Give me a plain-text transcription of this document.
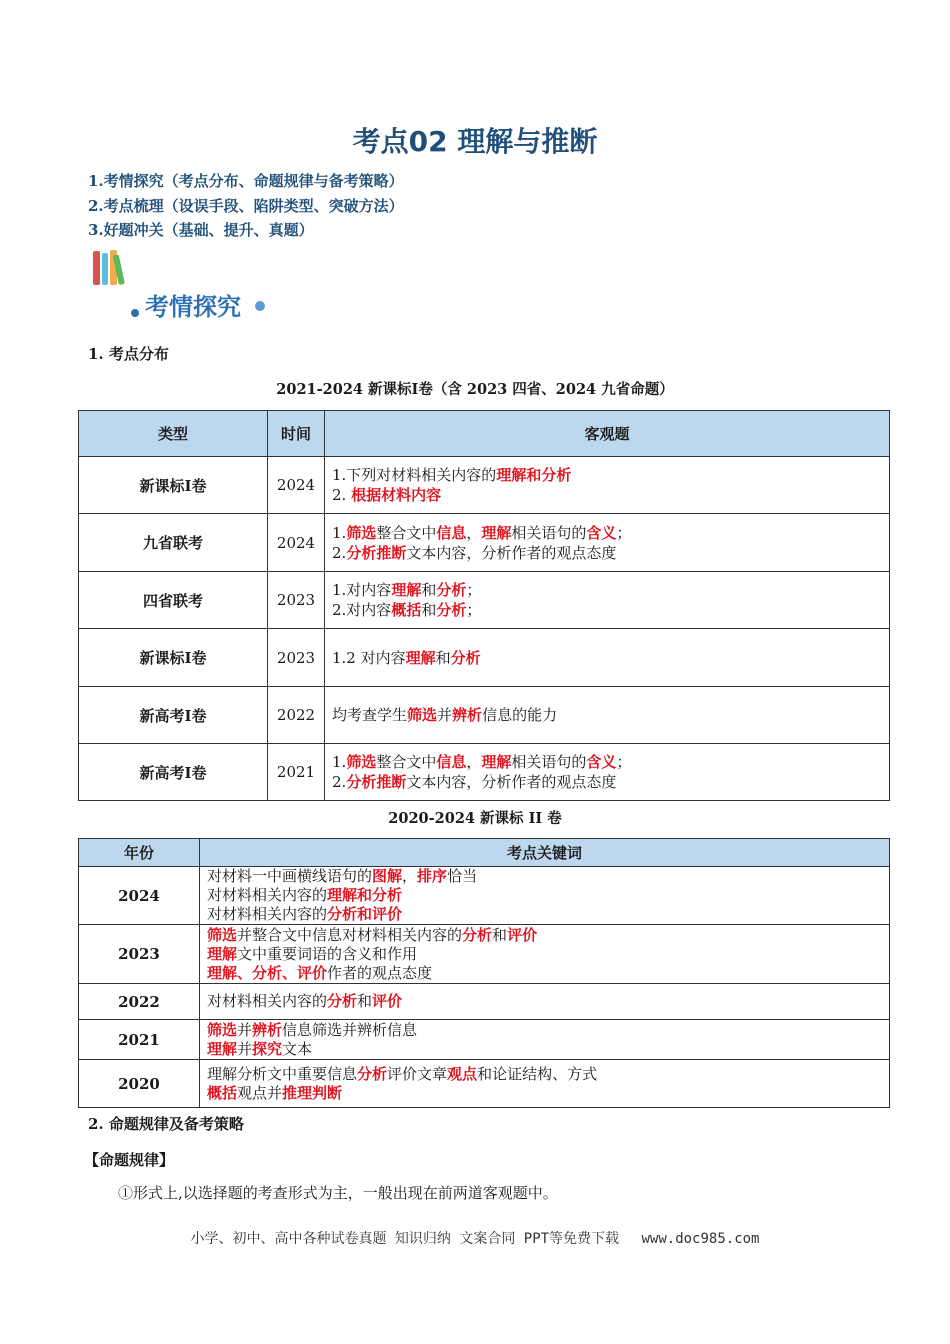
考点02 理解与推断
1.考情探究（考点分布、命题规律与备考策略）
2.考点梳理（设误手段、陷阱类型、突破方法）
3.好题冲关（基础、提升、真题）
考情探究
1. 考点分布
2021-2024 新课标Ⅰ卷（含 2023 四省、2024 九省命题）
类型	时间	客观题
新课标Ⅰ卷	2024	1.下列对材料相关内容的理解和分析
2. 根据材料内容

九省联考	2024	1.筛选整合文中信息，理解相关语句的含义；
2.分析推断文本内容，分析作者的观点态度

四省联考	2023	1.对内容理解和分析；
2.对内容概括和分析；

新课标Ⅰ卷	2023	1.2 对内容理解和分析

新高考Ⅰ卷	2022	均考查学生筛选并辨析信息的能力

新高考Ⅰ卷	2021	1.筛选整合文中信息，理解相关语句的含义；
2.分析推断文本内容，分析作者的观点态度
2020-2024 新课标 II 卷
年份	考点关键词
2024	对材料一中画横线语句的图解，排序恰当
对材料相关内容的理解和分析
对材料相关内容的分析和评价

2023	筛选并整合文中信息对材料相关内容的分析和评价
理解文中重要词语的含义和作用
理解、分析、评价作者的观点态度

2022	对材料相关内容的分析和评价

2021	筛选并辨析信息筛选并辨析信息
理解并探究文本

2020	理解分析文中重要信息分析评价文章观点和论证结构、方式
概括观点并推理判断
2. 命题规律及备考策略
【命题规律】
①形式上,以选择题的考查形式为主，一般出现在前两道客观题中。
小学、初中、高中各种试卷真题 知识归纳 文案合同 PPT等免费下载　 www.doc985.com
